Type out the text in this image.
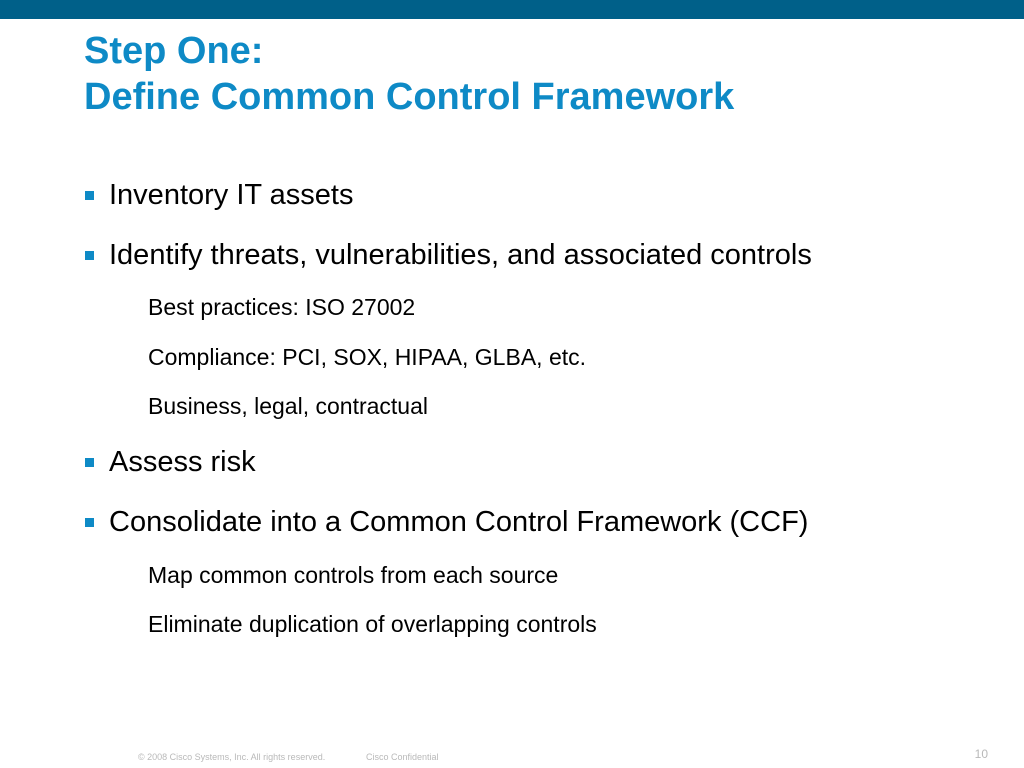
Step One:
Define Common Control Framework
Inventory IT assets
Identify threats, vulnerabilities, and associated controls
Best practices: ISO 27002
Compliance: PCI, SOX, HIPAA, GLBA, etc.
Business, legal, contractual
Assess risk
Consolidate into a Common Control Framework (CCF)
Map common controls from each source
Eliminate duplication of overlapping controls
© 2008 Cisco Systems, Inc. All rights reserved.	Cisco Confidential	10
